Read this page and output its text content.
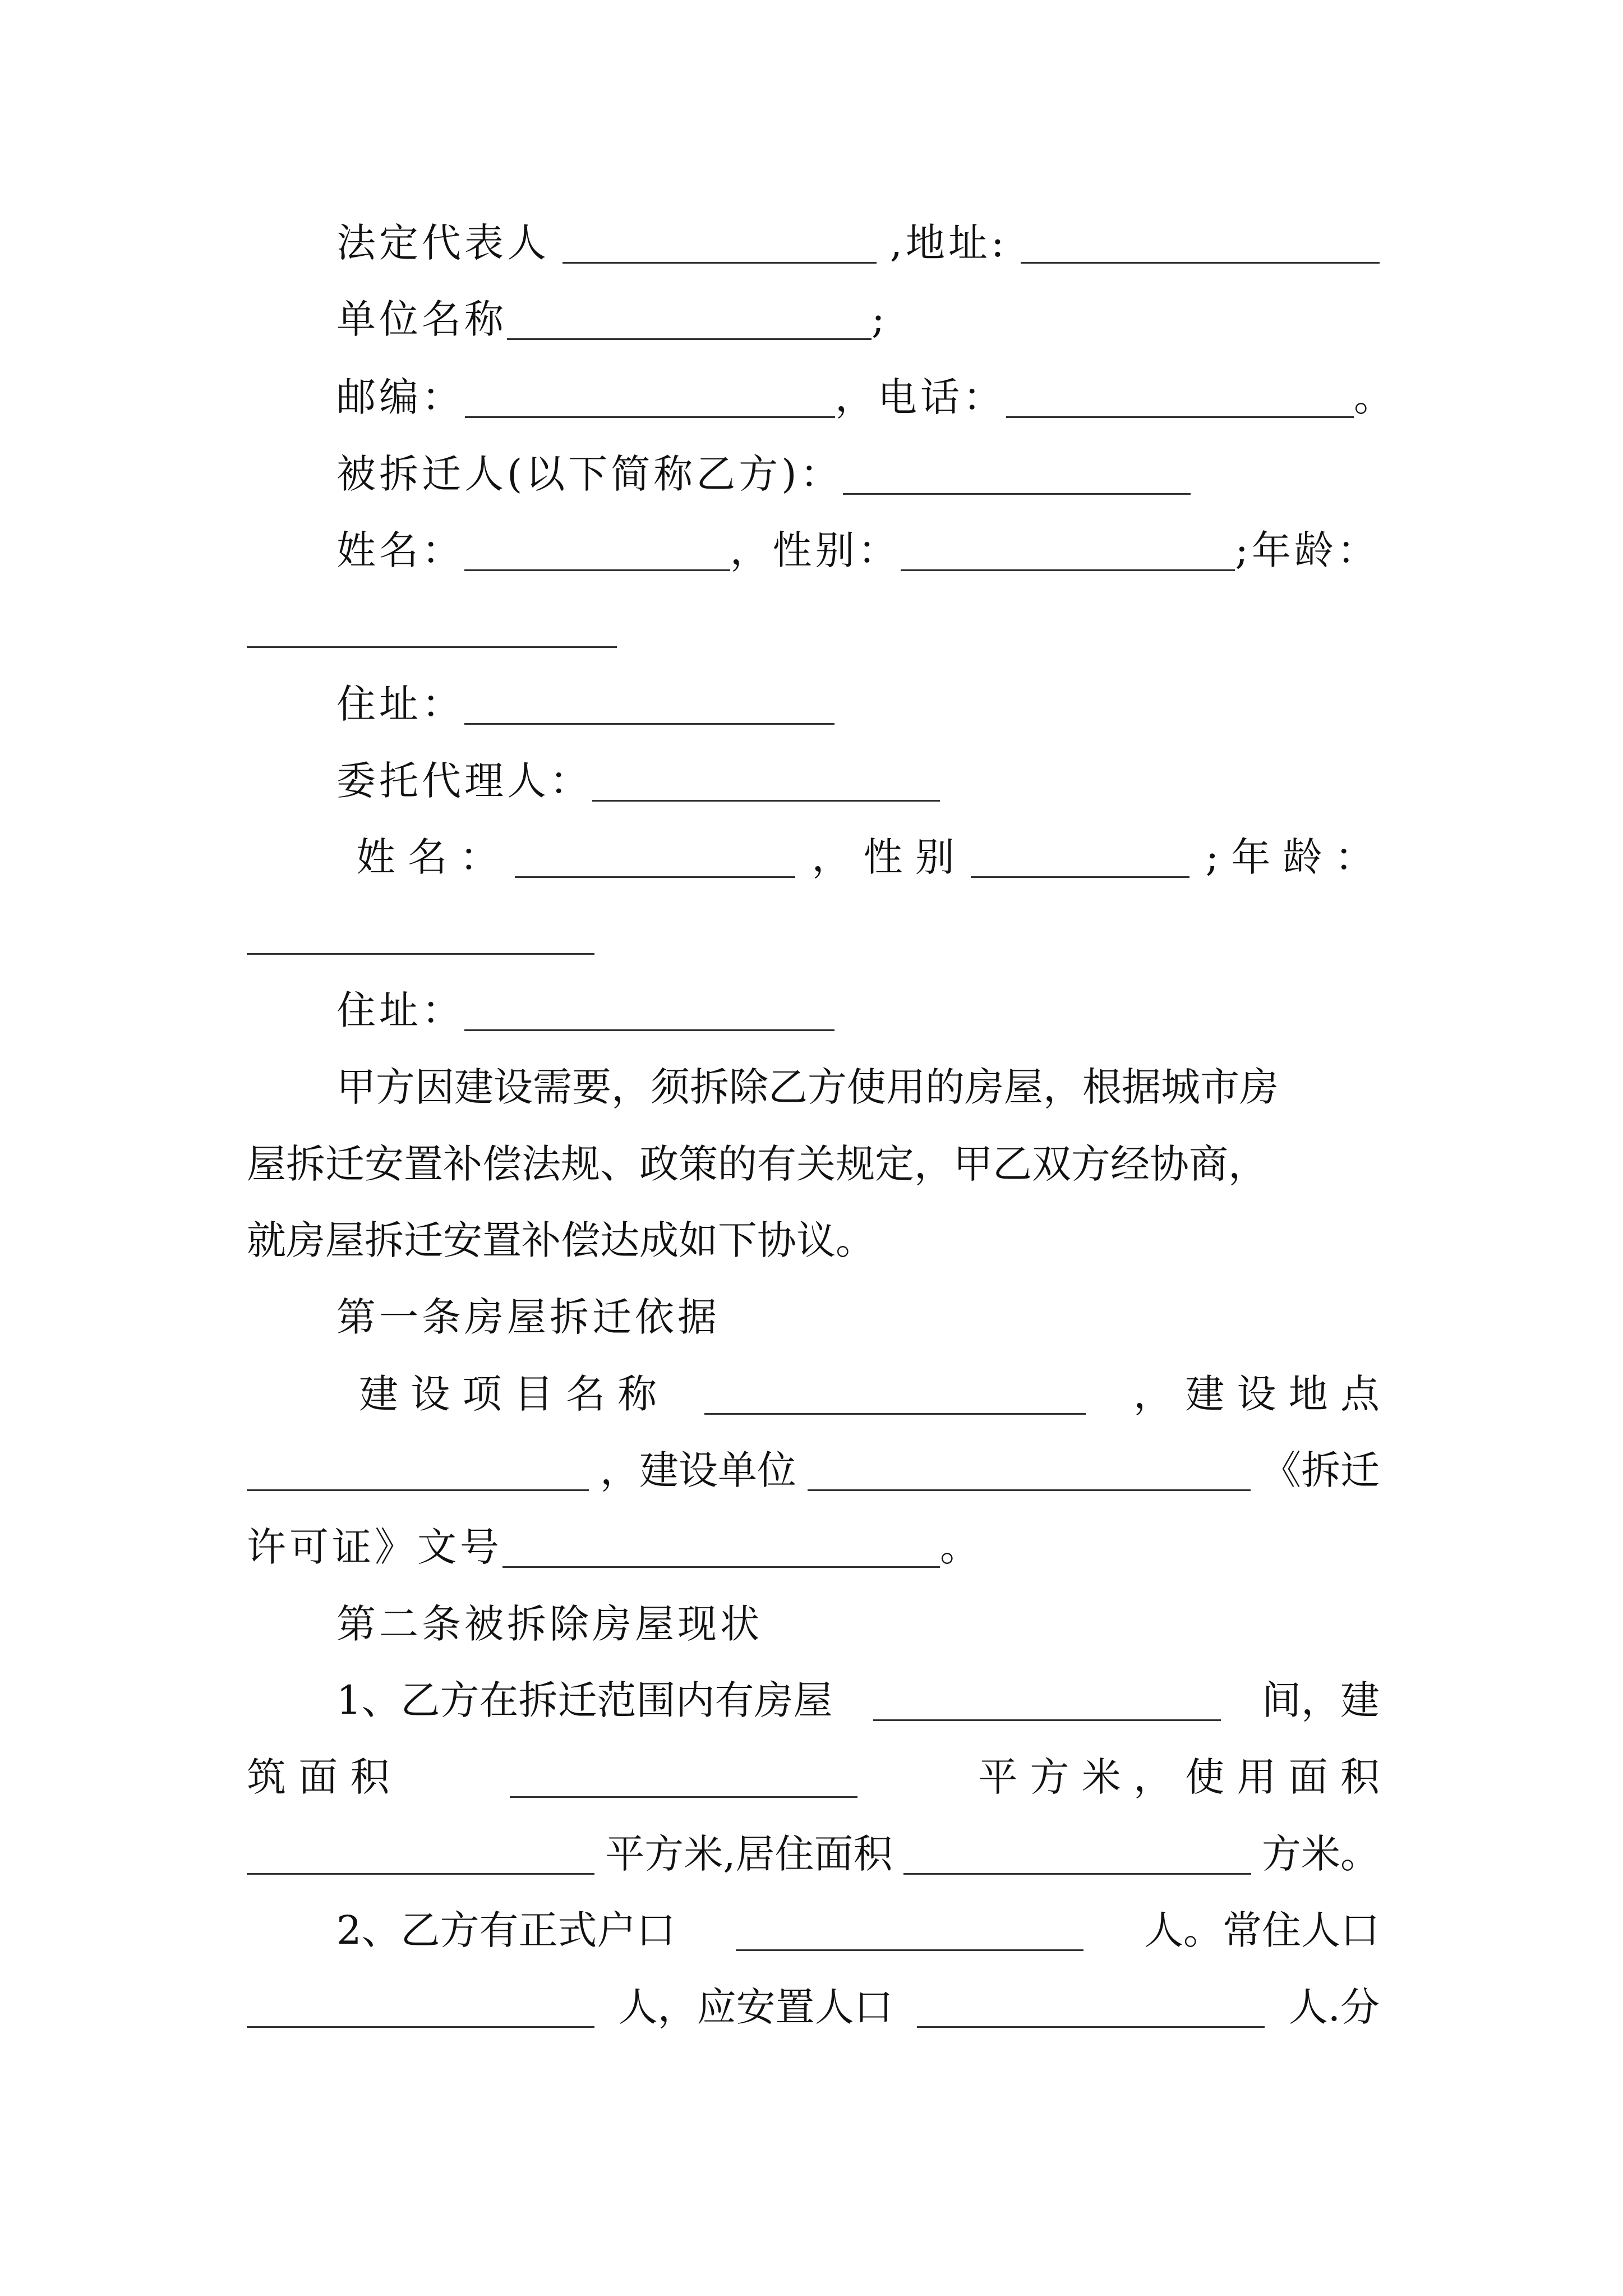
法定代表人	,地址:
单位名称	;
邮编：	，电话：	。
被拆迁人(以下简称乙方)：
姓名：	，性别：	;年龄：
住址：
委托代理人：
姓 名 ：	， 性 别	; 年 龄 ：
住址：
甲方因建设需要，须拆除乙方使用的房屋，根据城市房
屋拆迁安置补偿法规、政策的有关规定，甲乙双方经协商，
就房屋拆迁安置补偿达成如下协议。
第一条房屋拆迁依据
建 设 项 目 名 称	， 建 设 地 点
，建设单位	《拆迁
许可证》文号	。
第二条被拆除房屋现状
1、乙方在拆迁范围内有房屋	间，建
筑 面 积	平 方 米 ， 使 用 面 积
平方米,居住面积	方米。
2、乙方有正式户口	人。常住人口
人，应安置人口	人.分
